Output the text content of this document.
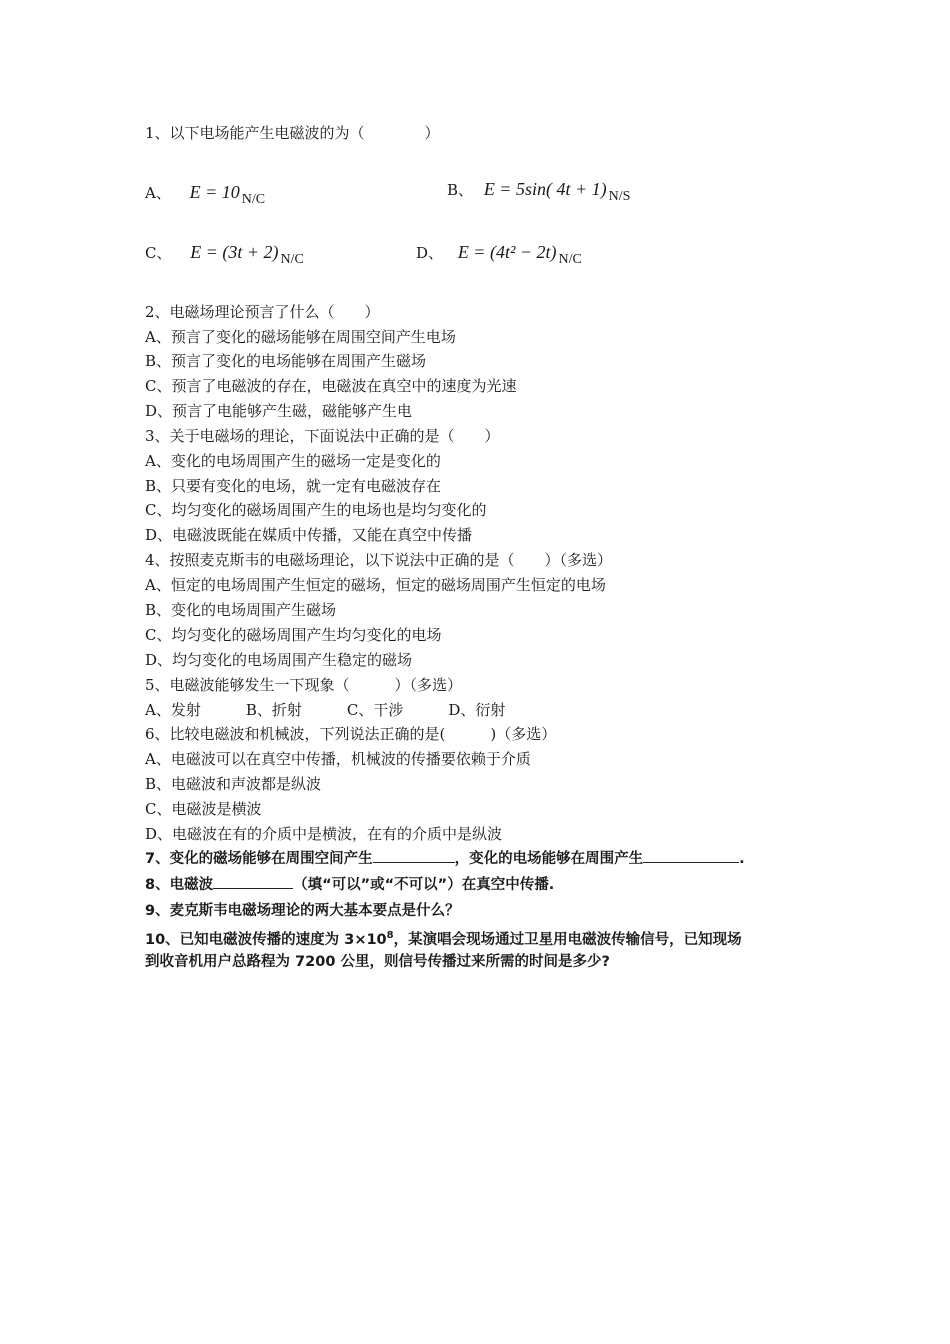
1、以下电场能产生电磁波的为（　　　　）
A、 E = 10 N/C
B、 E = 5sin( 4t + 1) N/S
C、 E = (3t + 2) N/C	D、 E = (4t² − 2t) N/C
2、电磁场理论预言了什么（　　）
A、预言了变化的磁场能够在周围空间产生电场
B、预言了变化的电场能够在周围产生磁场
C、预言了电磁波的存在，电磁波在真空中的速度为光速
D、预言了电能够产生磁，磁能够产生电
3、关于电磁场的理论，下面说法中正确的是（　　）
A、变化的电场周围产生的磁场一定是变化的
B、只要有变化的电场，就一定有电磁波存在
C、均匀变化的磁场周围产生的电场也是均匀变化的
D、电磁波既能在媒质中传播，又能在真空中传播
4、按照麦克斯韦的电磁场理论，以下说法中正确的是（　　）（多选）
A、恒定的电场周围产生恒定的磁场，恒定的磁场周围产生恒定的电场
B、变化的电场周围产生磁场
C、均匀变化的磁场周围产生均匀变化的电场
D、均匀变化的电场周围产生稳定的磁场
5、电磁波能够发生一下现象（　　　）（多选）
A、发射　　　B、折射　　　C、干涉　　　D、衍射
6、比较电磁波和机械波，下列说法正确的是(　　　)（多选）
A、电磁波可以在真空中传播，机械波的传播要依赖于介质
B、电磁波和声波都是纵波
C、电磁波是横波
D、电磁波在有的介质中是横波，在有的介质中是纵波
7、变化的磁场能够在周围空间产生	，变化的电场能够在周围产生	.
8、电磁波	（填“可以”或“不可以”）在真空中传播.
9、麦克斯韦电磁场理论的两大基本要点是什么？
10、已知电磁波传播的速度为 $3\times 10^8$，某演唱会现场通过卫星用电磁波传输信号，已知现场
到收音机用户总路程为 7200 公里，则信号传播过来所需的时间是多少?
